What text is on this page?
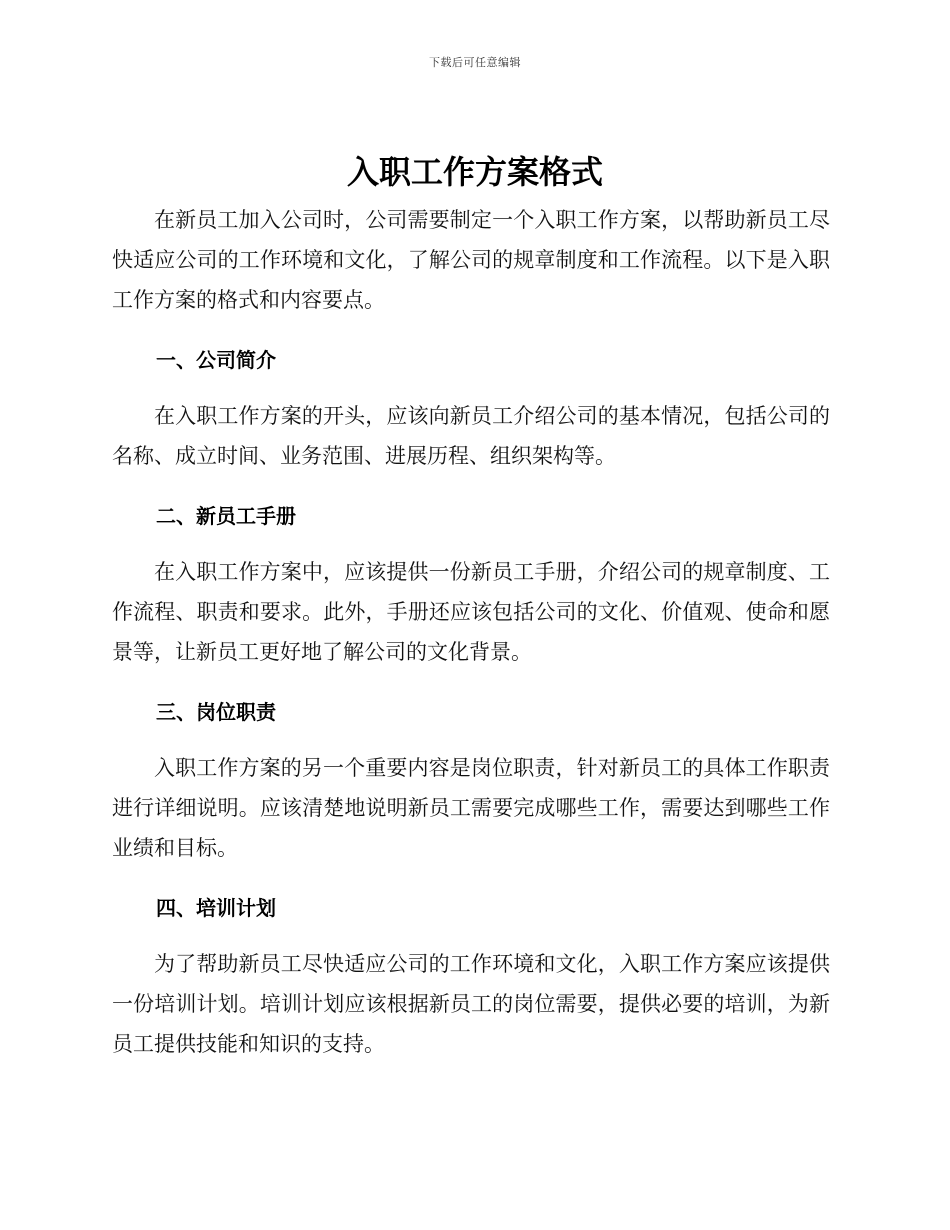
下载后可任意编辑
入职工作方案格式

在新员工加入公司时，公司需要制定一个入职工作方案，以帮助新员工尽快适应公司的工作环境和文化，了解公司的规章制度和工作流程。以下是入职工作方案的格式和内容要点。

一、公司简介

在入职工作方案的开头，应该向新员工介绍公司的基本情况，包括公司的名称、成立时间、业务范围、进展历程、组织架构等。

二、新员工手册

在入职工作方案中，应该提供一份新员工手册，介绍公司的规章制度、工作流程、职责和要求。此外，手册还应该包括公司的文化、价值观、使命和愿景等，让新员工更好地了解公司的文化背景。

三、岗位职责

入职工作方案的另一个重要内容是岗位职责，针对新员工的具体工作职责进行详细说明。应该清楚地说明新员工需要完成哪些工作，需要达到哪些工作业绩和目标。

四、培训计划

为了帮助新员工尽快适应公司的工作环境和文化，入职工作方案应该提供一份培训计划。培训计划应该根据新员工的岗位需要，提供必要的培训，为新员工提供技能和知识的支持。
